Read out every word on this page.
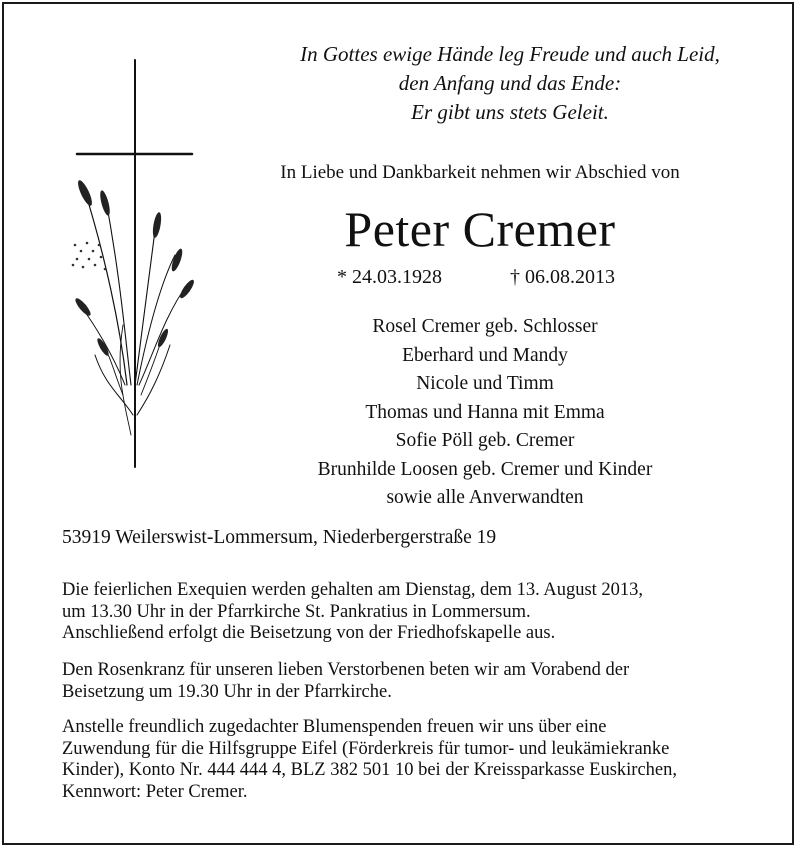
In Gottes ewige Hände leg Freude und auch Leid,
den Anfang und das Ende:
Er gibt uns stets Geleit.
In Liebe und Dankbarkeit nehmen wir Abschied von
Peter Cremer
* 24.03.1928	† 06.08.2013
Rosel Cremer geb. Schlosser
Eberhard und Mandy
Nicole und Timm
Thomas und Hanna mit Emma
Sofie Pöll geb. Cremer
Brunhilde Loosen geb. Cremer und Kinder
sowie alle Anverwandten
53919 Weilerswist-Lommersum, Niederbergerstraße 19
Die feierlichen Exequien werden gehalten am Dienstag, dem 13. August 2013,
um 13.30 Uhr in der Pfarrkirche St. Pankratius in Lommersum.
Anschließend erfolgt die Beisetzung von der Friedhofskapelle aus.
Den Rosenkranz für unseren lieben Verstorbenen beten wir am Vorabend der
Beisetzung um 19.30 Uhr in der Pfarrkirche.
Anstelle freundlich zugedachter Blumenspenden freuen wir uns über eine
Zuwendung für die Hilfsgruppe Eifel (Förderkreis für tumor- und leukämiekranke
Kinder), Konto Nr. 444 444 4, BLZ 382 501 10 bei der Kreissparkasse Euskirchen,
Kennwort: Peter Cremer.
